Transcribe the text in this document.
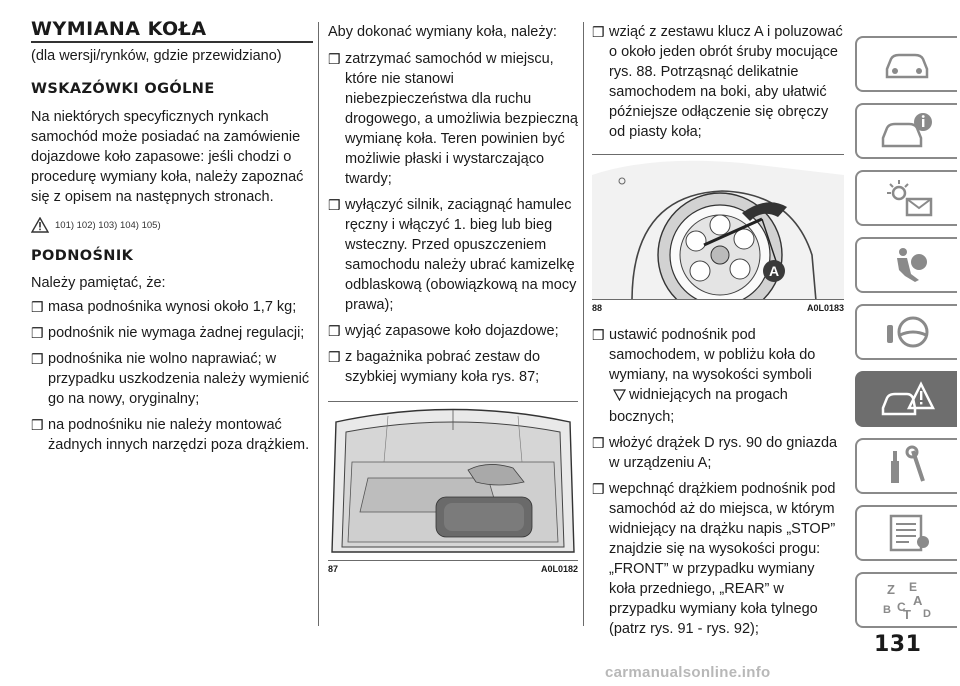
WYMIANA KOŁA
(dla wersji/rynków, gdzie przewidziano)
WSKAZÓWKI OGÓLNE

Na niektórych specyficznych rynkach samochód może posiadać na zamówienie dojazdowe koło zapasowe: jeśli chodzi o procedurę wymiany koła, należy zapoznać się z opisem na następnych stronach.

101) 102) 103) 104) 105)
PODNOŚNIK

Należy pamiętać, że:

❒ masa podnośnika wynosi około 1,7 kg;
❒ podnośnik nie wymaga żadnej regulacji;
❒ podnośnika nie wolno naprawiać; w przypadku uszkodzenia należy wymienić go na nowy, oryginalny;
❒ na podnośniku nie należy montować żadnych innych narzędzi poza drążkiem.

Aby dokonać wymiany koła, należy:

❒ zatrzymać samochód w miejscu, które nie stanowi niebezpieczeństwa dla ruchu drogowego, a umożliwia bezpieczną wymianę koła. Teren powinien być możliwie płaski i wystarczająco twardy;
❒ wyłączyć silnik, zaciągnąć hamulec ręczny i włączyć 1. bieg lub bieg wsteczny. Przed opuszczeniem samochodu należy ubrać kamizelkę odblaskową (obowiązkową na mocy prawa);
❒ wyjąć zapasowe koło dojazdowe;
❒ z bagażnika pobrać zestaw do szybkiej wymiany koła rys. 87;
87	A0L0182
❒ wziąć z zestawu klucz A i poluzować o około jeden obrót śruby mocujące rys. 88. Potrząsnąć delikatnie samochodem na boki, aby ułatwić późniejsze odłączenie się obręczy od piasty koła;
A
88	A0L0183
❒ ustawić podnośnik pod samochodem, w pobliżu koła do wymiany, na wysokości symboli
widniejących na progach bocznych;
❒ włożyć drążek D rys. 90 do gniazda w urządzeniu A;
❒ wepchnąć drążkiem podnośnik pod samochód aż do miejsca, w którym widniejący na drążku napis „STOP” znajdzie się na wysokości progu: „FRONT” w przypadku wymiany koła przedniego, „REAR” w przypadku wymiany koła tylnego (patrz rys. 91 - rys. 92);
Z E
A
B C
T D
131
carmanualsonline.info
